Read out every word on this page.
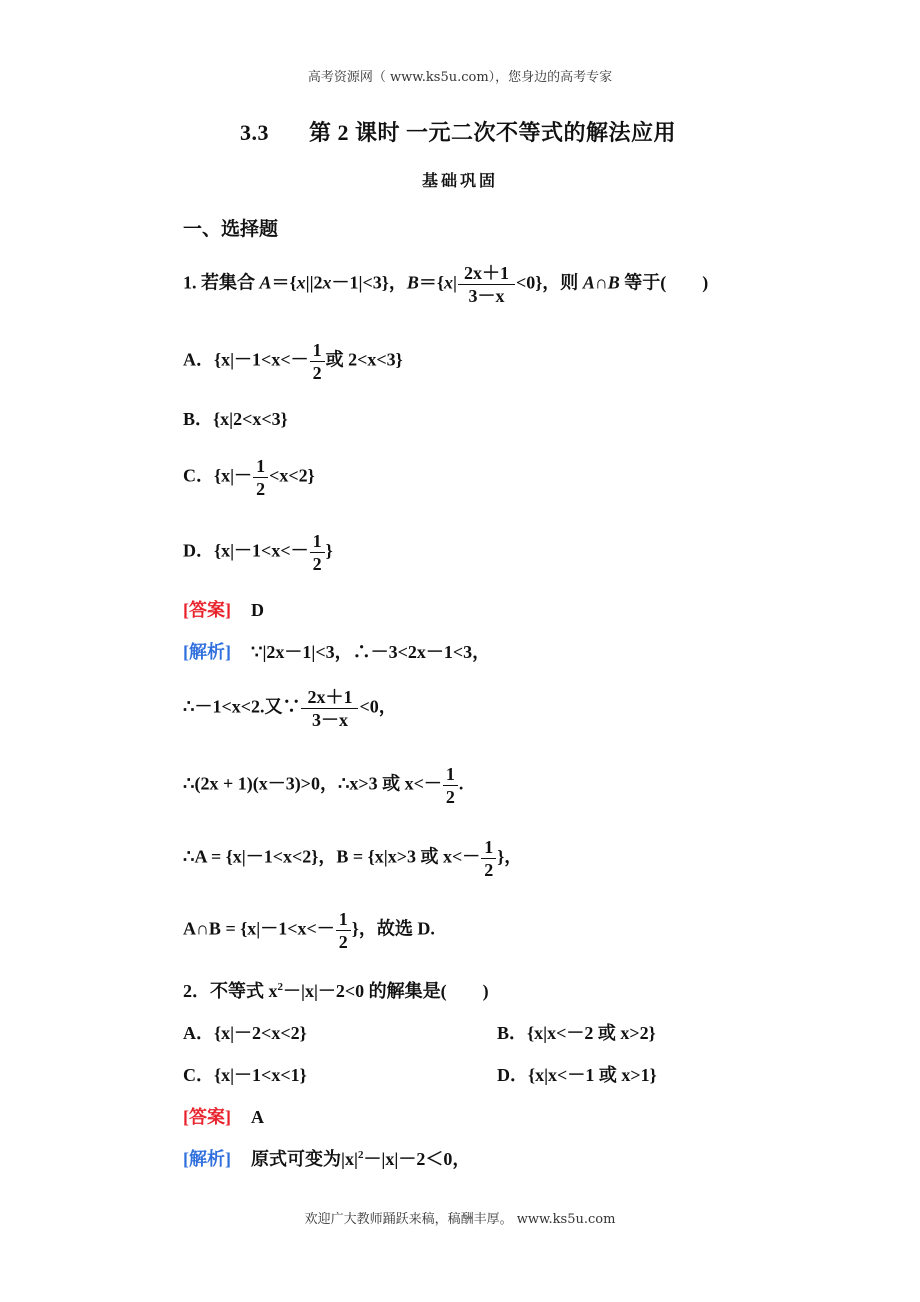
高考资源网（ www.ks5u.com），您身边的高考专家
3.3 第 2 课时 一元二次不等式的解法应用
基础巩固
一、选择题
1. 若集合 A＝{x||2x－1|<3}，$B=\{x| \frac{2x+1}{3-x} <0\}$，则 A∩B 等于(　　)
A．{$x|-1<x<- \frac{1}{2}$ 或 2<x<3}
B．{x|2<x<3}
C．$\{x|- \frac{1}{2} <x<2\}$
D．{$x|-1<x<- \frac{1}{2}$ }
[答案] D
[解析] ∵|2x－1|<3，∴－3<2x－1<3，
∴－1<x<2.又∵ $\frac{2x+1}{3-x} <0$，
∴(2x + 1)(x－3)>0，∴x>3 或 $x<- \frac{1}{2}$ .
∴A = {x|－1<x<2}，B = {x|x>3 或 $x<- \frac{1}{2}$ }，
A∩B = {$x|-1<x<- \frac{1}{2}$ }，故选 D.
2．不等式 $x^2-|x|-2<0$ 的解集是(　　)
A．{x|－2<x<2}	B．{x|x<－2 或 x>2}
C．{x|－1<x<1}	D．{x|x<－1 或 x>1}
[答案] A
[解析] 原式可变为$|x|^2-|x|-2<0$，
欢迎广大教师踊跃来稿，稿酬丰厚。 www.ks5u.com
